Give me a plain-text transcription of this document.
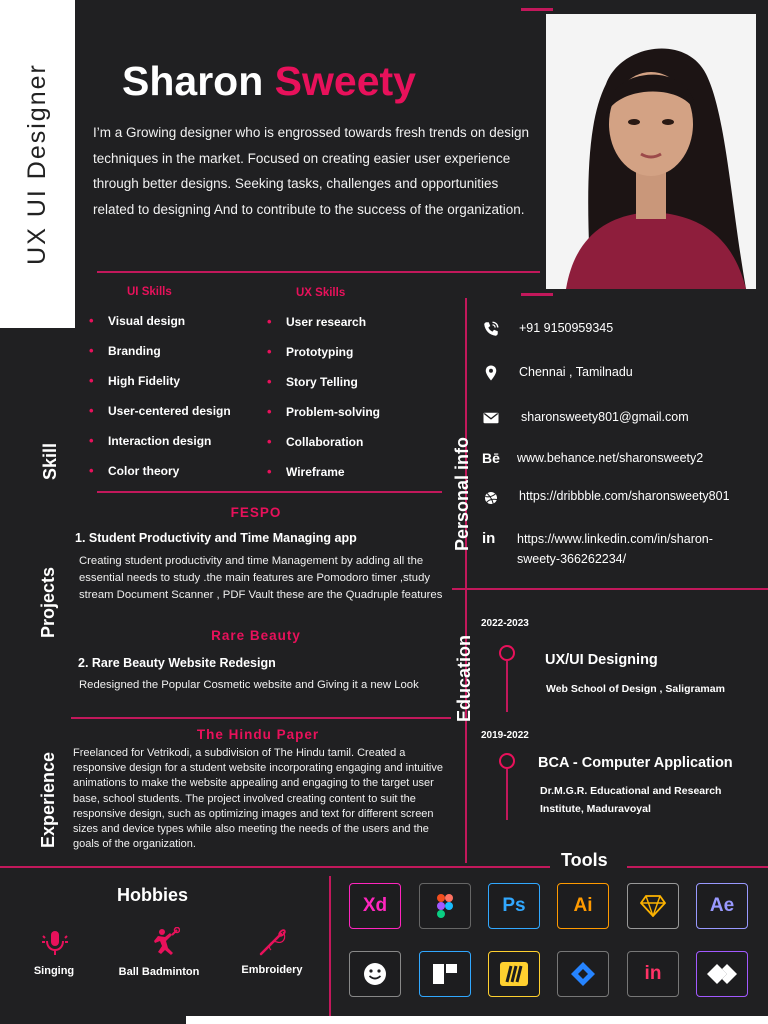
UX UI Designer	Sharon Sweety
I’m a Growing designer who is engrossed towards fresh trends on design techniques in the market. Focused on creating easier user experience through better designs. Seeking tasks, challenges and opportunities related to designing And to contribute to the success of the organization.
Skill
UI Skills
• Visual design
• Branding
• High Fidelity
• User-centered design
• Interaction design
• Color theory
UX Skills
• User research
• Prototyping
• Story Telling
• Problem-solving
• Collaboration
• Wireframe
Projects
FESPO
1. Student Productivity and Time Managing app
Creating student productivity and time Management by adding all the essential needs to study .the main features are Pomodoro timer ,study stream Document Scanner , PDF Vault these are the Quadruple features
Rare Beauty
2. Rare Beauty Website Redesign
Redesigned the Popular Cosmetic website and Giving it a new Look
Experience
The Hindu Paper
Freelanced for Vetrikodi, a subdivision of The Hindu tamil. Created a responsive design for a student website incorporating engaging and intuitive animations to make the website appealing and engaging to the target user base, school students. The project involved creating content to suit the responsive design, such as optimizing images and text for different screen sizes and device types while also meeting the needs of the users and the goals of the organization.
Personal info
+91 9150959345
Chennai , Tamilnadu
sharonsweety801@gmail.com
Bē www.behance.net/sharonsweety2
https://dribbble.com/sharonsweety801
in	https://www.linkedin.com/in/sharon-
sweety-366262234/
Education
2022-2023
UX/UI Designing
Web School of Design , Saligramam
2019-2022
BCA - Computer Application
Dr.M.G.R. Educational and Research
Institute, Maduravoyal
Tools
Xd	Ps	Ai	Ae
in
Hobbies
Singing	Ball Badminton	Embroidery
